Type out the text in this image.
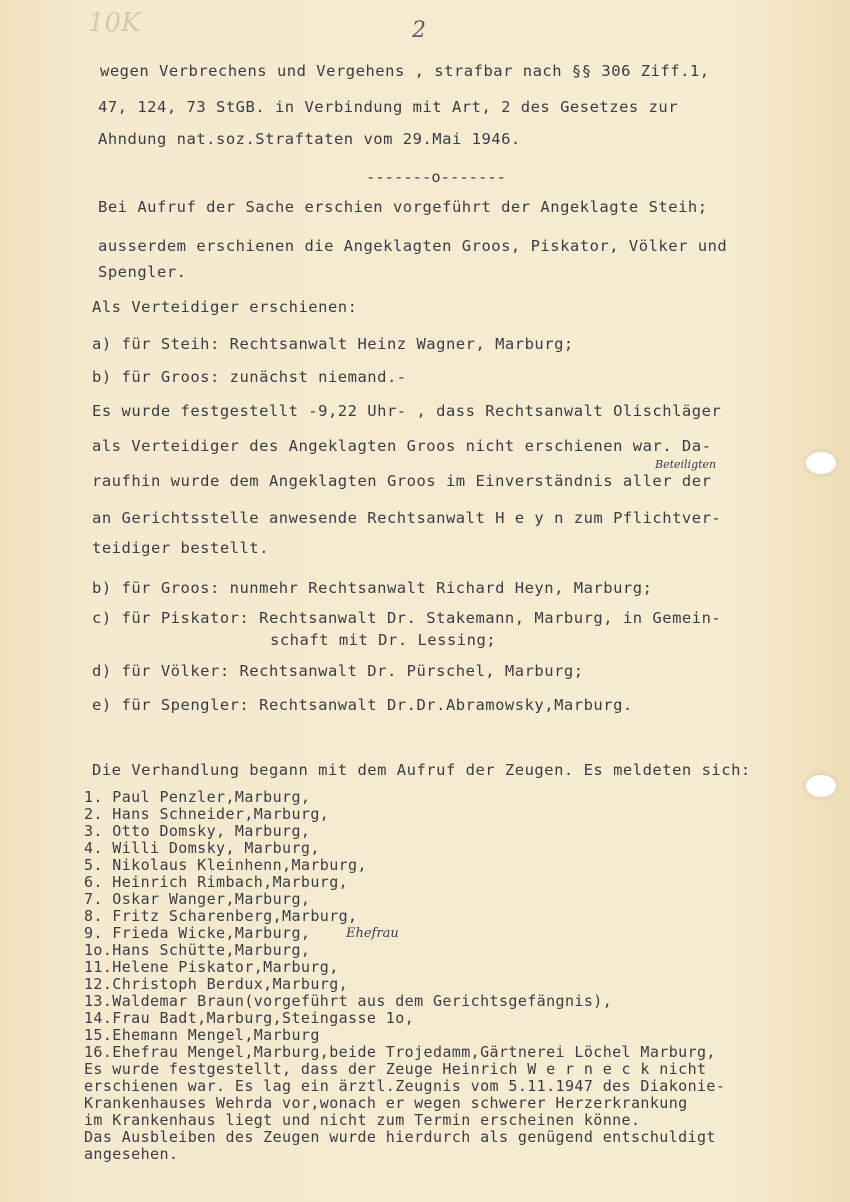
10K	2
wegen Verbrechens und Vergehens , strafbar nach §§ 306 Ziff.1,
47, 124, 73 StGB. in Verbindung mit Art, 2 des Gesetzes zur
Ahndung nat.soz.Straftaten vom 29.Mai 1946.
-------o-------
Bei Aufruf der Sache erschien vorgeführt der Angeklagte Steih;
ausserdem erschienen die Angeklagten Groos, Piskator, Völker und
Spengler.
Als Verteidiger erschienen:
a) für Steih: Rechtsanwalt Heinz Wagner, Marburg;
b) für Groos: zunächst niemand.-
Es wurde festgestellt -9,22 Uhr- , dass Rechtsanwalt Olischläger
als Verteidiger des Angeklagten Groos nicht erschienen war. Da-
Beteiligten
raufhin wurde dem Angeklagten Groos im Einverständnis aller der
an Gerichtsstelle anwesende Rechtsanwalt H e y n zum Pflichtver-
teidiger bestellt.
b) für Groos: nunmehr Rechtsanwalt Richard Heyn, Marburg;
c) für Piskator: Rechtsanwalt Dr. Stakemann, Marburg, in Gemein-
schaft mit Dr. Lessing;
d) für Völker: Rechtsanwalt Dr. Pürschel, Marburg;
e) für Spengler: Rechtsanwalt Dr.Dr.Abramowsky,Marburg.
Die Verhandlung begann mit dem Aufruf der Zeugen. Es meldeten sich:
1. Paul Penzler,Marburg,
2. Hans Schneider,Marburg,
3. Otto Domsky, Marburg,
4. Willi Domsky, Marburg,
5. Nikolaus Kleinhenn,Marburg,
6. Heinrich Rimbach,Marburg,
7. Oskar Wanger,Marburg,
8. Fritz Scharenberg,Marburg,
9. Frieda Wicke,Marburg,	Ehefrau
1o.Hans Schütte,Marburg,
11.Helene Piskator,Marburg,
12.Christoph Berdux,Marburg,
13.Waldemar Braun(vorgeführt aus dem Gerichtsgefängnis),
14.Frau Badt,Marburg,Steingasse 1o,
15.Ehemann Mengel,Marburg
16.Ehefrau Mengel,Marburg,beide Trojedamm,Gärtnerei Löchel Marburg,
Es wurde festgestellt, dass der Zeuge Heinrich W e r n e c k nicht
erschienen war. Es lag ein ärztl.Zeugnis vom 5.11.1947 des Diakonie-
Krankenhauses Wehrda vor,wonach er wegen schwerer Herzerkrankung
im Krankenhaus liegt und nicht zum Termin erscheinen könne.
Das Ausbleiben des Zeugen wurde hierdurch als genügend entschuldigt
angesehen.
